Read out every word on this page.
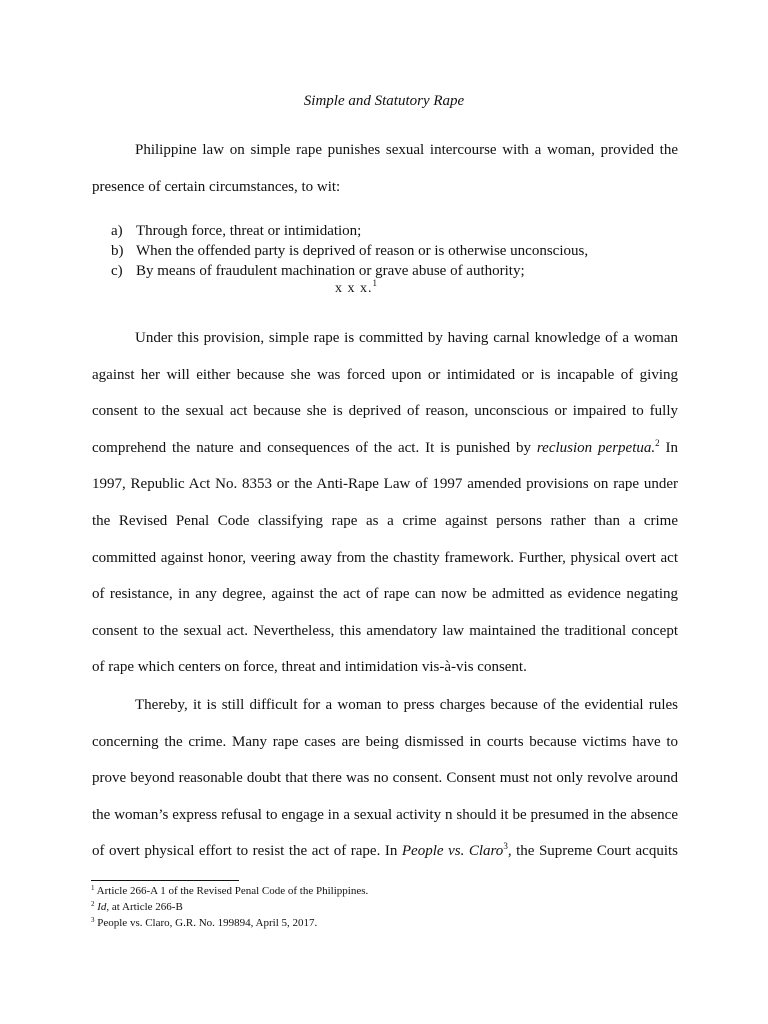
Simple and Statutory Rape
Philippine law on simple rape punishes sexual intercourse with a woman, provided the
presence of certain circumstances, to wit:
a) Through force, threat or intimidation;
b) When the offended party is deprived of reason or is otherwise unconscious,
c) By means of fraudulent machination or grave abuse of authority;
x x x.$^1$
Under this provision, simple rape is committed by having carnal knowledge of a woman
against her will either because she was forced upon or intimidated or is incapable of giving
consent to the sexual act because she is deprived of reason, unconscious or impaired to fully
comprehend the nature and consequences of the act. It is punished by reclusion perpetua.$^2$ In
1997, Republic Act No. 8353 or the Anti-Rape Law of 1997 amended provisions on rape under
the Revised Penal Code classifying rape as a crime against persons rather than a crime
committed against honor, veering away from the chastity framework. Further, physical overt act
of resistance, in any degree, against the act of rape can now be admitted as evidence negating
consent to the sexual act. Nevertheless, this amendatory law maintained the traditional concept
of rape which centers on force, threat and intimidation vis-à-vis consent.
Thereby, it is still difficult for a woman to press charges because of the evidential rules
concerning the crime. Many rape cases are being dismissed in courts because victims have to
prove beyond reasonable doubt that there was no consent. Consent must not only revolve around
the woman’s express refusal to engage in a sexual activity n should it be presumed in the absence
of overt physical effort to resist the act of rape. In People vs. Claro$^3$, the Supreme Court acquits
$^1$ Article 266-A 1 of the Revised Penal Code of the Philippines.
$^2$ Id, at Article 266-B
$^3$ People vs. Claro, G.R. No. 199894, April 5, 2017.
